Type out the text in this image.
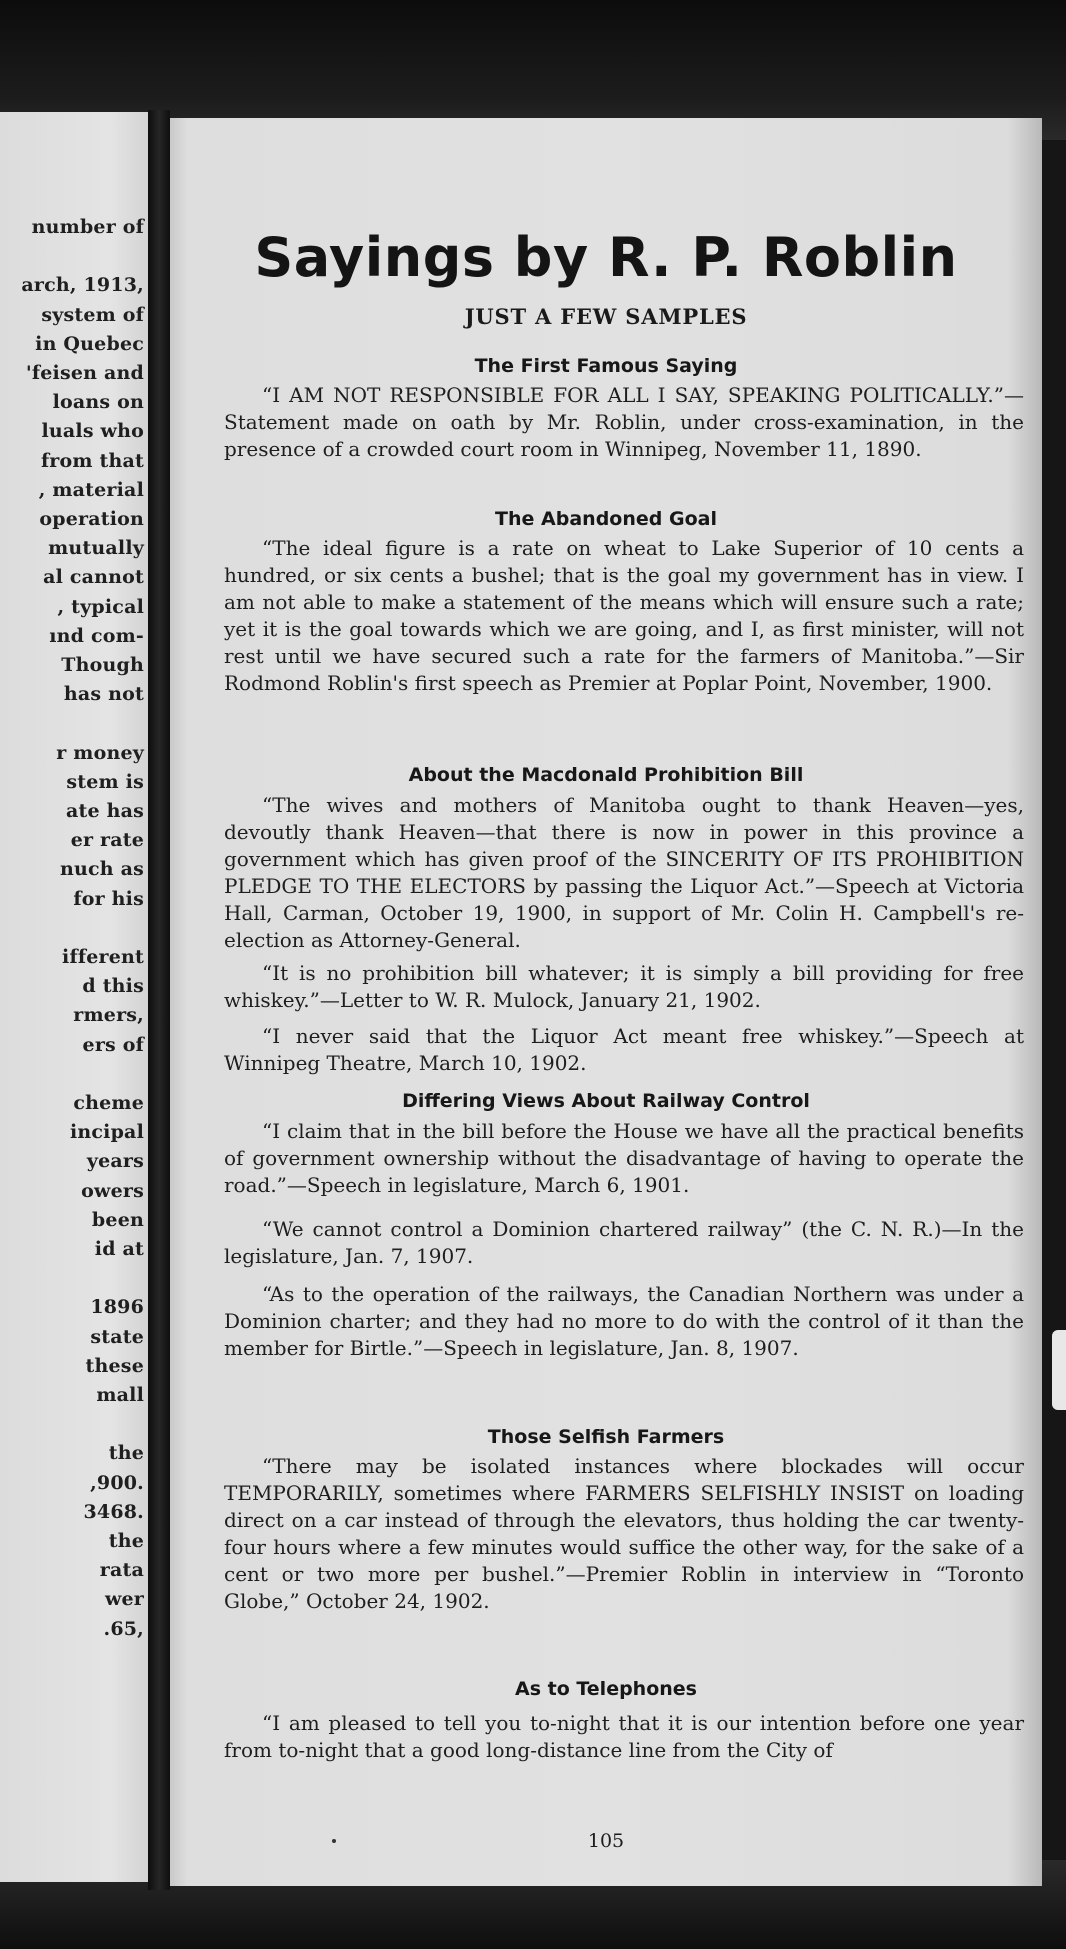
number of
arch, 1913,
system of
in Quebec
'feisen and
loans on
luals who
from that
, material
operation
mutually
al cannot
, typical
ınd com-
Though
has not
r money
stem is
ate has
er rate
nuch as
for his
ifferent
d this
rmers,
ers of
cheme
incipal
years
owers
been
id at
1896
state
these
mall
the
,900.
3468.
the
rata
wer
.65,
Sayings by R. P. Roblin
JUST A FEW SAMPLES
The First Famous Saying

“I AM NOT RESPONSIBLE FOR ALL I SAY, SPEAKING POLITICALLY.”—Statement made on oath by Mr. Roblin, under cross-examination, in the presence of a crowded court room in Winnipeg, November 11, 1890.

The Abandoned Goal

“The ideal figure is a rate on wheat to Lake Superior of 10 cents a hundred, or six cents a bushel; that is the goal my government has in view. I am not able to make a statement of the means which will ensure such a rate; yet it is the goal towards which we are going, and I, as first minister, will not rest until we have secured such a rate for the farmers of Manitoba.”—Sir Rodmond Roblin's first speech as Premier at Poplar Point, November, 1900.

About the Macdonald Prohibition Bill

“The wives and mothers of Manitoba ought to thank Heaven—yes, devoutly thank Heaven—that there is now in power in this province a government which has given proof of the SINCERITY OF ITS PROHIBITION PLEDGE TO THE ELECTORS by passing the Liquor Act.”—Speech at Victoria Hall, Carman, October 19, 1900, in support of Mr. Colin H. Campbell's re-election as Attorney-General.

“It is no prohibition bill whatever; it is simply a bill providing for free whiskey.”—Letter to W. R. Mulock, January 21, 1902.

“I never said that the Liquor Act meant free whiskey.”—Speech at Winnipeg Theatre, March 10, 1902.

Differing Views About Railway Control

“I claim that in the bill before the House we have all the practical benefits of government ownership without the disadvantage of having to operate the road.”—Speech in legislature, March 6, 1901.

“We cannot control a Dominion chartered railway” (the C. N. R.)—In the legislature, Jan. 7, 1907.

“As to the operation of the railways, the Canadian Northern was under a Dominion charter; and they had no more to do with the control of it than the member for Birtle.”—Speech in legislature, Jan. 8, 1907.

Those Selfish Farmers

“There may be isolated instances where blockades will occur TEMPORARILY, sometimes where FARMERS SELFISHLY INSIST on loading direct on a car instead of through the elevators, thus holding the car twenty-four hours where a few minutes would suffice the other way, for the sake of a cent or two more per bushel.”—Premier Roblin in interview in “Toronto Globe,” October 24, 1902.

As to Telephones

“I am pleased to tell you to-night that it is our intention before one year from to-night that a good long-distance line from the City of

105
